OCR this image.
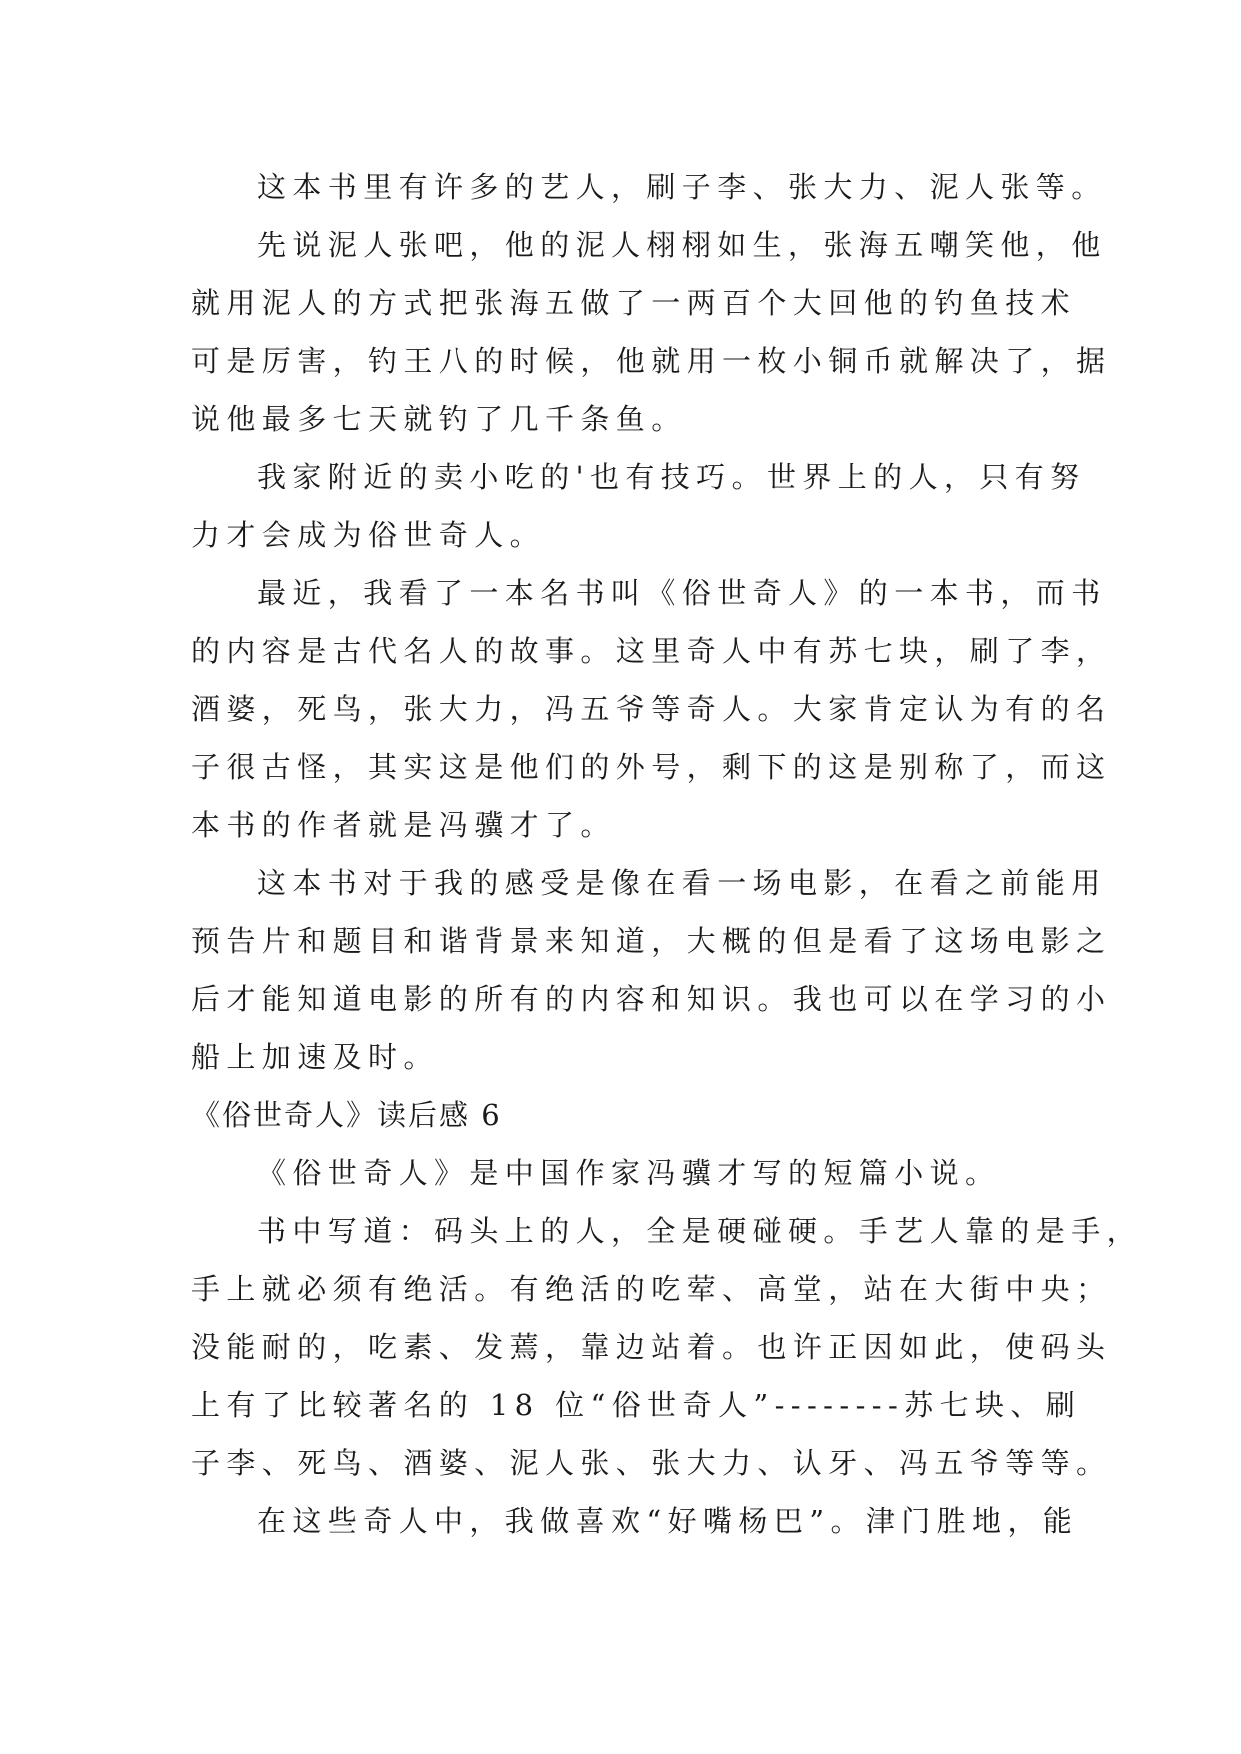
这本书里有许多的艺人，刷子李、张大力、泥人张等。
先说泥人张吧，他的泥人栩栩如生，张海五嘲笑他，他
就用泥人的方式把张海五做了一两百个大回他的钓鱼技术
可是厉害，钓王八的时候，他就用一枚小铜币就解决了，据
说他最多七天就钓了几千条鱼。
我家附近的卖小吃的'也有技巧。世界上的人，只有努
力才会成为俗世奇人。
最近，我看了一本名书叫《俗世奇人》的一本书，而书
的内容是古代名人的故事。这里奇人中有苏七块，刷了李，
酒婆，死鸟，张大力，冯五爷等奇人。大家肯定认为有的名
子很古怪，其实这是他们的外号，剩下的这是别称了，而这
本书的作者就是冯骥才了。
这本书对于我的感受是像在看一场电影，在看之前能用
预告片和题目和谐背景来知道，大概的但是看了这场电影之
后才能知道电影的所有的内容和知识。我也可以在学习的小
船上加速及时。
《俗世奇人》读后感 6
《俗世奇人》是中国作家冯骥才写的短篇小说。
书中写道：码头上的人，全是硬碰硬。手艺人靠的是手，
手上就必须有绝活。有绝活的吃荤、高堂，站在大街中央；
没能耐的，吃素、发蔫，靠边站着。也许正因如此，使码头
上有了比较著名的 18 位“俗世奇人”--------苏七块、刷
子李、死鸟、酒婆、泥人张、张大力、认牙、冯五爷等等。
在这些奇人中，我做喜欢“好嘴杨巴”。津门胜地，能
